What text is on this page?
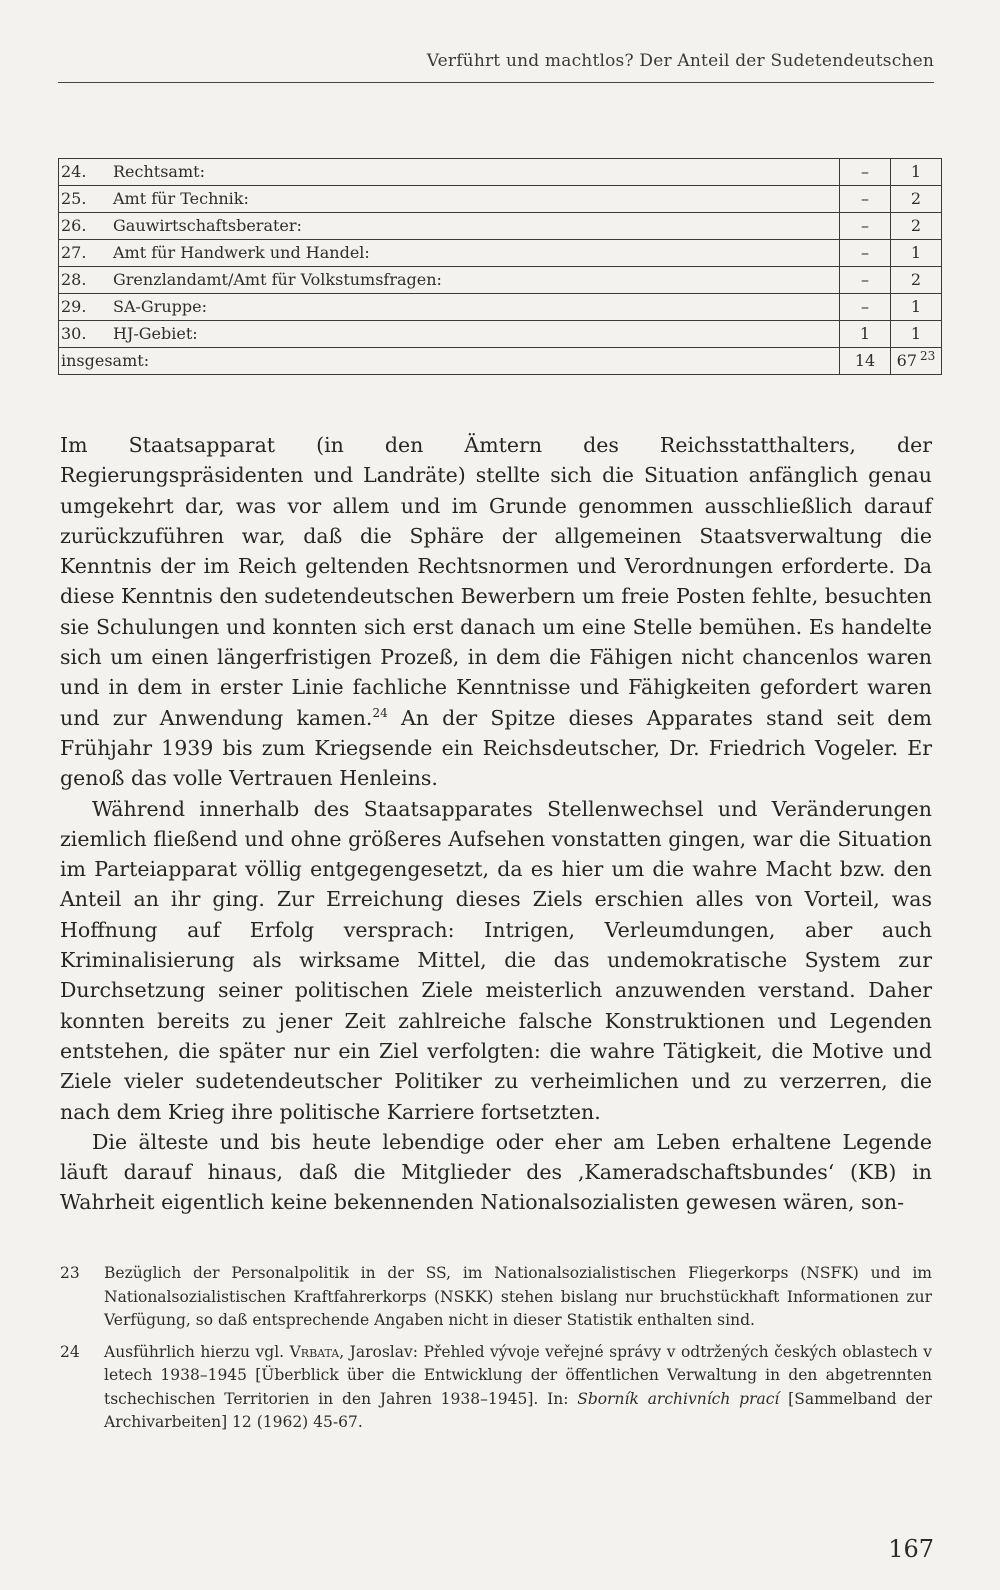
Verführt und machtlos? Der Anteil der Sudetendeutschen
24. Rechtsamt:	–	1
25. Amt für Technik:	–	2
26. Gauwirtschaftsberater:	–	2
27. Amt für Handwerk und Handel:	–	1
28. Grenzlandamt/Amt für Volkstumsfragen:	–	2
29. SA-Gruppe:	–	1
30. HJ-Gebiet:	1	1
insgesamt:	14	67 $^{23}$

Im Staatsapparat (in den Ämtern des Reichsstatthalters, der Regierungspräsidenten und Landräte) stellte sich die Situation anfänglich genau umgekehrt dar, was vor allem und im Grunde genommen ausschließlich darauf zurückzuführen war, daß die Sphäre der allgemeinen Staatsverwaltung die Kenntnis der im Reich geltenden Rechtsnormen und Verordnungen erforderte. Da diese Kenntnis den sudetendeutschen Bewerbern um freie Posten fehlte, besuchten sie Schulungen und konnten sich erst danach um eine Stelle bemühen. Es handelte sich um einen längerfristigen Prozeß, in dem die Fähigen nicht chancenlos waren und in dem in erster Linie fachliche Kenntnisse und Fähigkeiten gefordert waren und zur Anwendung kamen.$^{24}$ An der Spitze dieses Apparates stand seit dem Frühjahr 1939 bis zum Kriegsende ein Reichsdeutscher, Dr. Friedrich Vogeler. Er genoß das volle Vertrauen Henleins.

Während innerhalb des Staatsapparates Stellenwechsel und Veränderungen ziemlich fließend und ohne größeres Aufsehen vonstatten gingen, war die Situation im Parteiapparat völlig entgegengesetzt, da es hier um die wahre Macht bzw. den Anteil an ihr ging. Zur Erreichung dieses Ziels erschien alles von Vorteil, was Hoffnung auf Erfolg versprach: Intrigen, Verleumdungen, aber auch Kriminalisierung als wirksame Mittel, die das undemokratische System zur Durchsetzung seiner politischen Ziele meisterlich anzuwenden verstand. Daher konnten bereits zu jener Zeit zahlreiche falsche Konstruktionen und Legenden entstehen, die später nur ein Ziel verfolgten: die wahre Tätigkeit, die Motive und Ziele vieler sudetendeutscher Politiker zu verheimlichen und zu verzerren, die nach dem Krieg ihre politische Karriere fortsetzten.

Die älteste und bis heute lebendige oder eher am Leben erhaltene Legende läuft darauf hinaus, daß die Mitglieder des ‚Kameradschaftsbundes‘ (KB) in Wahrheit eigentlich keine bekennenden Nationalsozialisten gewesen wären, son-

23 Bezüglich der Personalpolitik in der SS, im Nationalsozialistischen Fliegerkorps (NSFK) und im Nationalsozialistischen Kraftfahrerkorps (NSKK) stehen bislang nur bruchstückhaft Informationen zur Verfügung, so daß entsprechende Angaben nicht in dieser Statistik enthalten sind.
24 Ausführlich hierzu vgl. Vrbata, Jaroslav: Přehled vývoje veřejné správy v odtržených českých oblastech v letech 1938–1945 [Überblick über die Entwicklung der öffentlichen Verwaltung in den abgetrennten tschechischen Territorien in den Jahren 1938–1945]. In: Sborník archivních prací [Sammelband der Archivarbeiten] 12 (1962) 45-67.
167
